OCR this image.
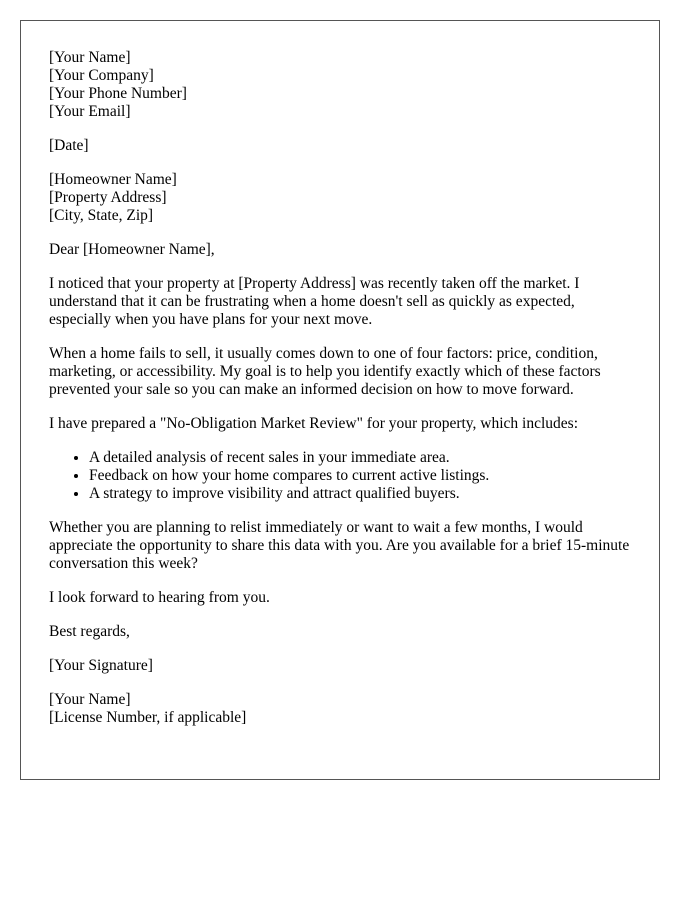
[Your Name]
[Your Company]
[Your Phone Number]
[Your Email]
[Date]
[Homeowner Name]
[Property Address]
[City, State, Zip]

Dear [Homeowner Name],

I noticed that your property at [Property Address] was recently taken off the market. I understand that it can be frustrating when a home doesn't sell as quickly as expected, especially when you have plans for your next move.

When a home fails to sell, it usually comes down to one of four factors: price, condition, marketing, or accessibility. My goal is to help you identify exactly which of these factors prevented your sale so you can make an informed decision on how to move forward.

I have prepared a "No-Obligation Market Review" for your property, which includes:

• A detailed analysis of recent sales in your immediate area.
• Feedback on how your home compares to current active listings.
• A strategy to improve visibility and attract qualified buyers.

Whether you are planning to relist immediately or want to wait a few months, I would appreciate the opportunity to share this data with you. Are you available for a brief 15-minute conversation this week?

I look forward to hearing from you.

Best regards,

[Your Signature]

[Your Name]
[License Number, if applicable]
